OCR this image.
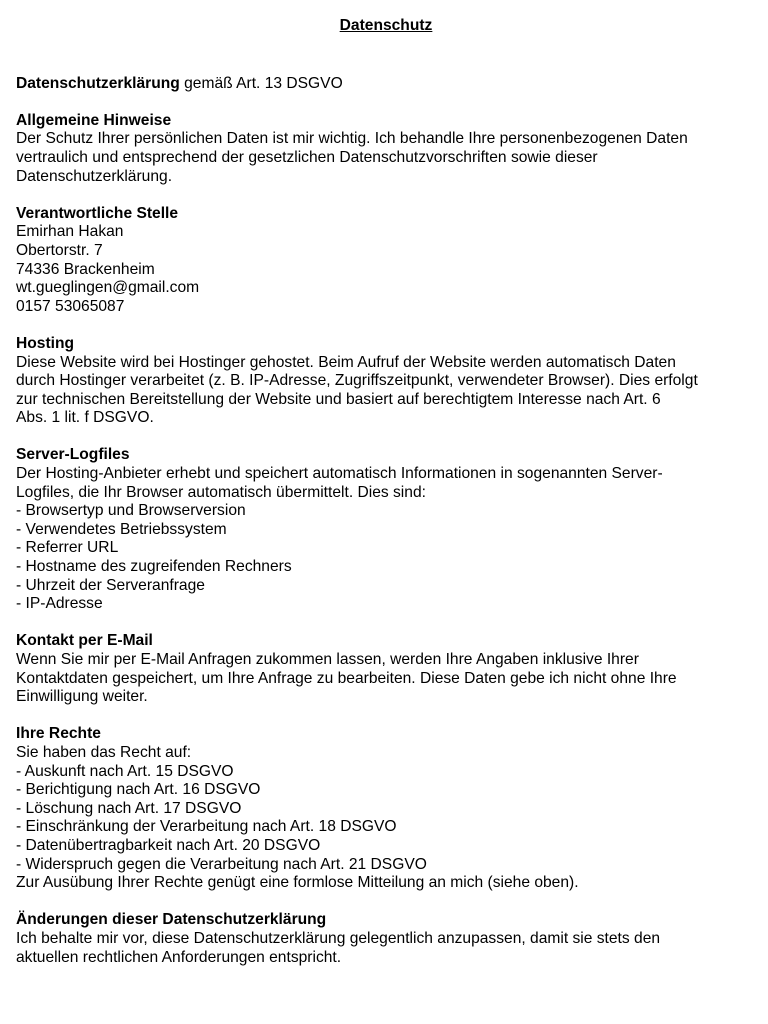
Datenschutz
Datenschutzerklärung gemäß Art. 13 DSGVO
Allgemeine Hinweise

Der Schutz Ihrer persönlichen Daten ist mir wichtig. Ich behandle Ihre personenbezogenen Daten
vertraulich und entsprechend der gesetzlichen Datenschutzvorschriften sowie dieser
Datenschutzerklärung.

Verantwortliche Stelle

Emirhan Hakan
Obertorstr. 7
74336 Brackenheim
wt.gueglingen@gmail.com
0157 53065087

Hosting

Diese Website wird bei Hostinger gehostet. Beim Aufruf der Website werden automatisch Daten
durch Hostinger verarbeitet (z. B. IP-Adresse, Zugriffszeitpunkt, verwendeter Browser). Dies erfolgt
zur technischen Bereitstellung der Website und basiert auf berechtigtem Interesse nach Art. 6
Abs. 1 lit. f DSGVO.

Server-Logfiles

Der Hosting-Anbieter erhebt und speichert automatisch Informationen in sogenannten Server-
Logfiles, die Ihr Browser automatisch übermittelt. Dies sind:

- Browsertyp und Browserversion
- Verwendetes Betriebssystem
- Referrer URL
- Hostname des zugreifenden Rechners
- Uhrzeit der Serveranfrage
- IP-Adresse
Kontakt per E-Mail

Wenn Sie mir per E-Mail Anfragen zukommen lassen, werden Ihre Angaben inklusive Ihrer
Kontaktdaten gespeichert, um Ihre Anfrage zu bearbeiten. Diese Daten gebe ich nicht ohne Ihre
Einwilligung weiter.

Ihre Rechte

Sie haben das Recht auf:

- Auskunft nach Art. 15 DSGVO
- Berichtigung nach Art. 16 DSGVO
- Löschung nach Art. 17 DSGVO
- Einschränkung der Verarbeitung nach Art. 18 DSGVO
- Datenübertragbarkeit nach Art. 20 DSGVO
- Widerspruch gegen die Verarbeitung nach Art. 21 DSGVO

Zur Ausübung Ihrer Rechte genügt eine formlose Mitteilung an mich (siehe oben).

Änderungen dieser Datenschutzerklärung

Ich behalte mir vor, diese Datenschutzerklärung gelegentlich anzupassen, damit sie stets den
aktuellen rechtlichen Anforderungen entspricht.
